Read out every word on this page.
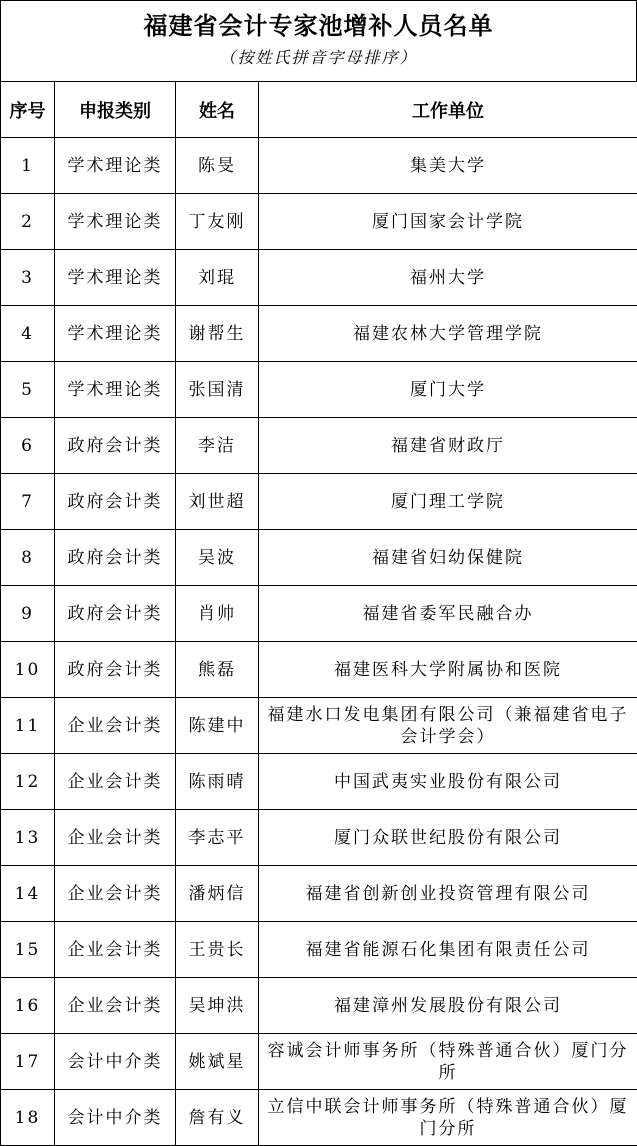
福建省会计专家池增补人员名单
（按姓氏拼音字母排序）
序号	申报类别	姓名	工作单位
1	学术理论类	陈旻	集美大学
2	学术理论类	丁友刚	厦门国家会计学院
3	学术理论类	刘琨	福州大学
4	学术理论类	谢帮生	福建农林大学管理学院
5	学术理论类	张国清	厦门大学
6	政府会计类	李洁	福建省财政厅
7	政府会计类	刘世超	厦门理工学院
8	政府会计类	吴波	福建省妇幼保健院
9	政府会计类	肖帅	福建省委军民融合办
10	政府会计类	熊磊	福建医科大学附属协和医院
11	企业会计类	陈建中	福建水口发电集团有限公司（兼福建省电子会计学会）
12	企业会计类	陈雨晴	中国武夷实业股份有限公司
13	企业会计类	李志平	厦门众联世纪股份有限公司
14	企业会计类	潘炳信	福建省创新创业投资管理有限公司
15	企业会计类	王贵长	福建省能源石化集团有限责任公司
16	企业会计类	吴坤洪	福建漳州发展股份有限公司
17	会计中介类	姚斌星	容诚会计师事务所（特殊普通合伙）厦门分所
18	会计中介类	詹有义	立信中联会计师事务所（特殊普通合伙）厦门分所
